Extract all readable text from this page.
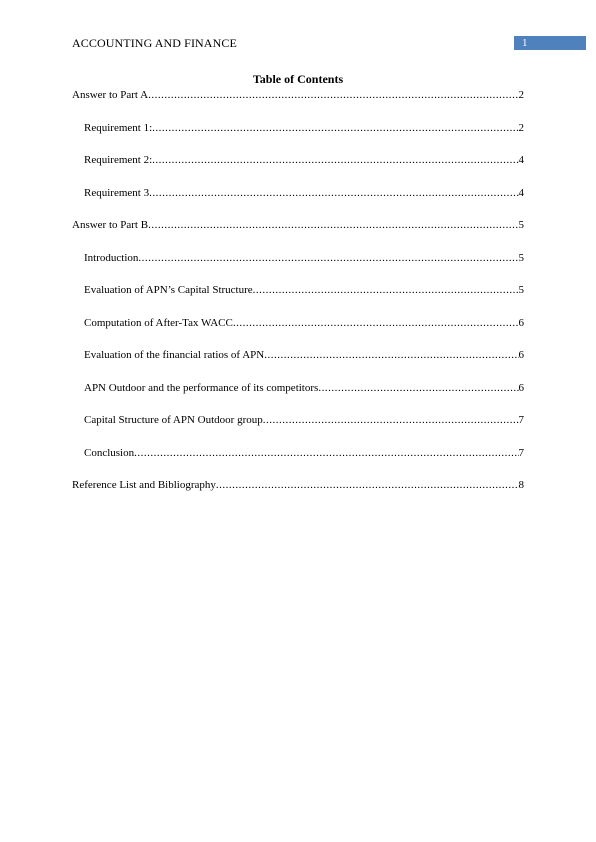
ACCOUNTING AND FINANCE	1
Table of Contents
Answer to Part A .....	2
Requirement 1: .....	2
Requirement 2: .....	4
Requirement 3 .....	4
Answer to Part B .....	5
Introduction .....	5
Evaluation of APN’s Capital Structure .....	5
Computation of After-Tax WACC .....	6
Evaluation of the financial ratios of APN .....	6
APN Outdoor and the performance of its competitors .....	6
Capital Structure of APN Outdoor group .....	7
Conclusion .....	7
Reference List and Bibliography .....	8
